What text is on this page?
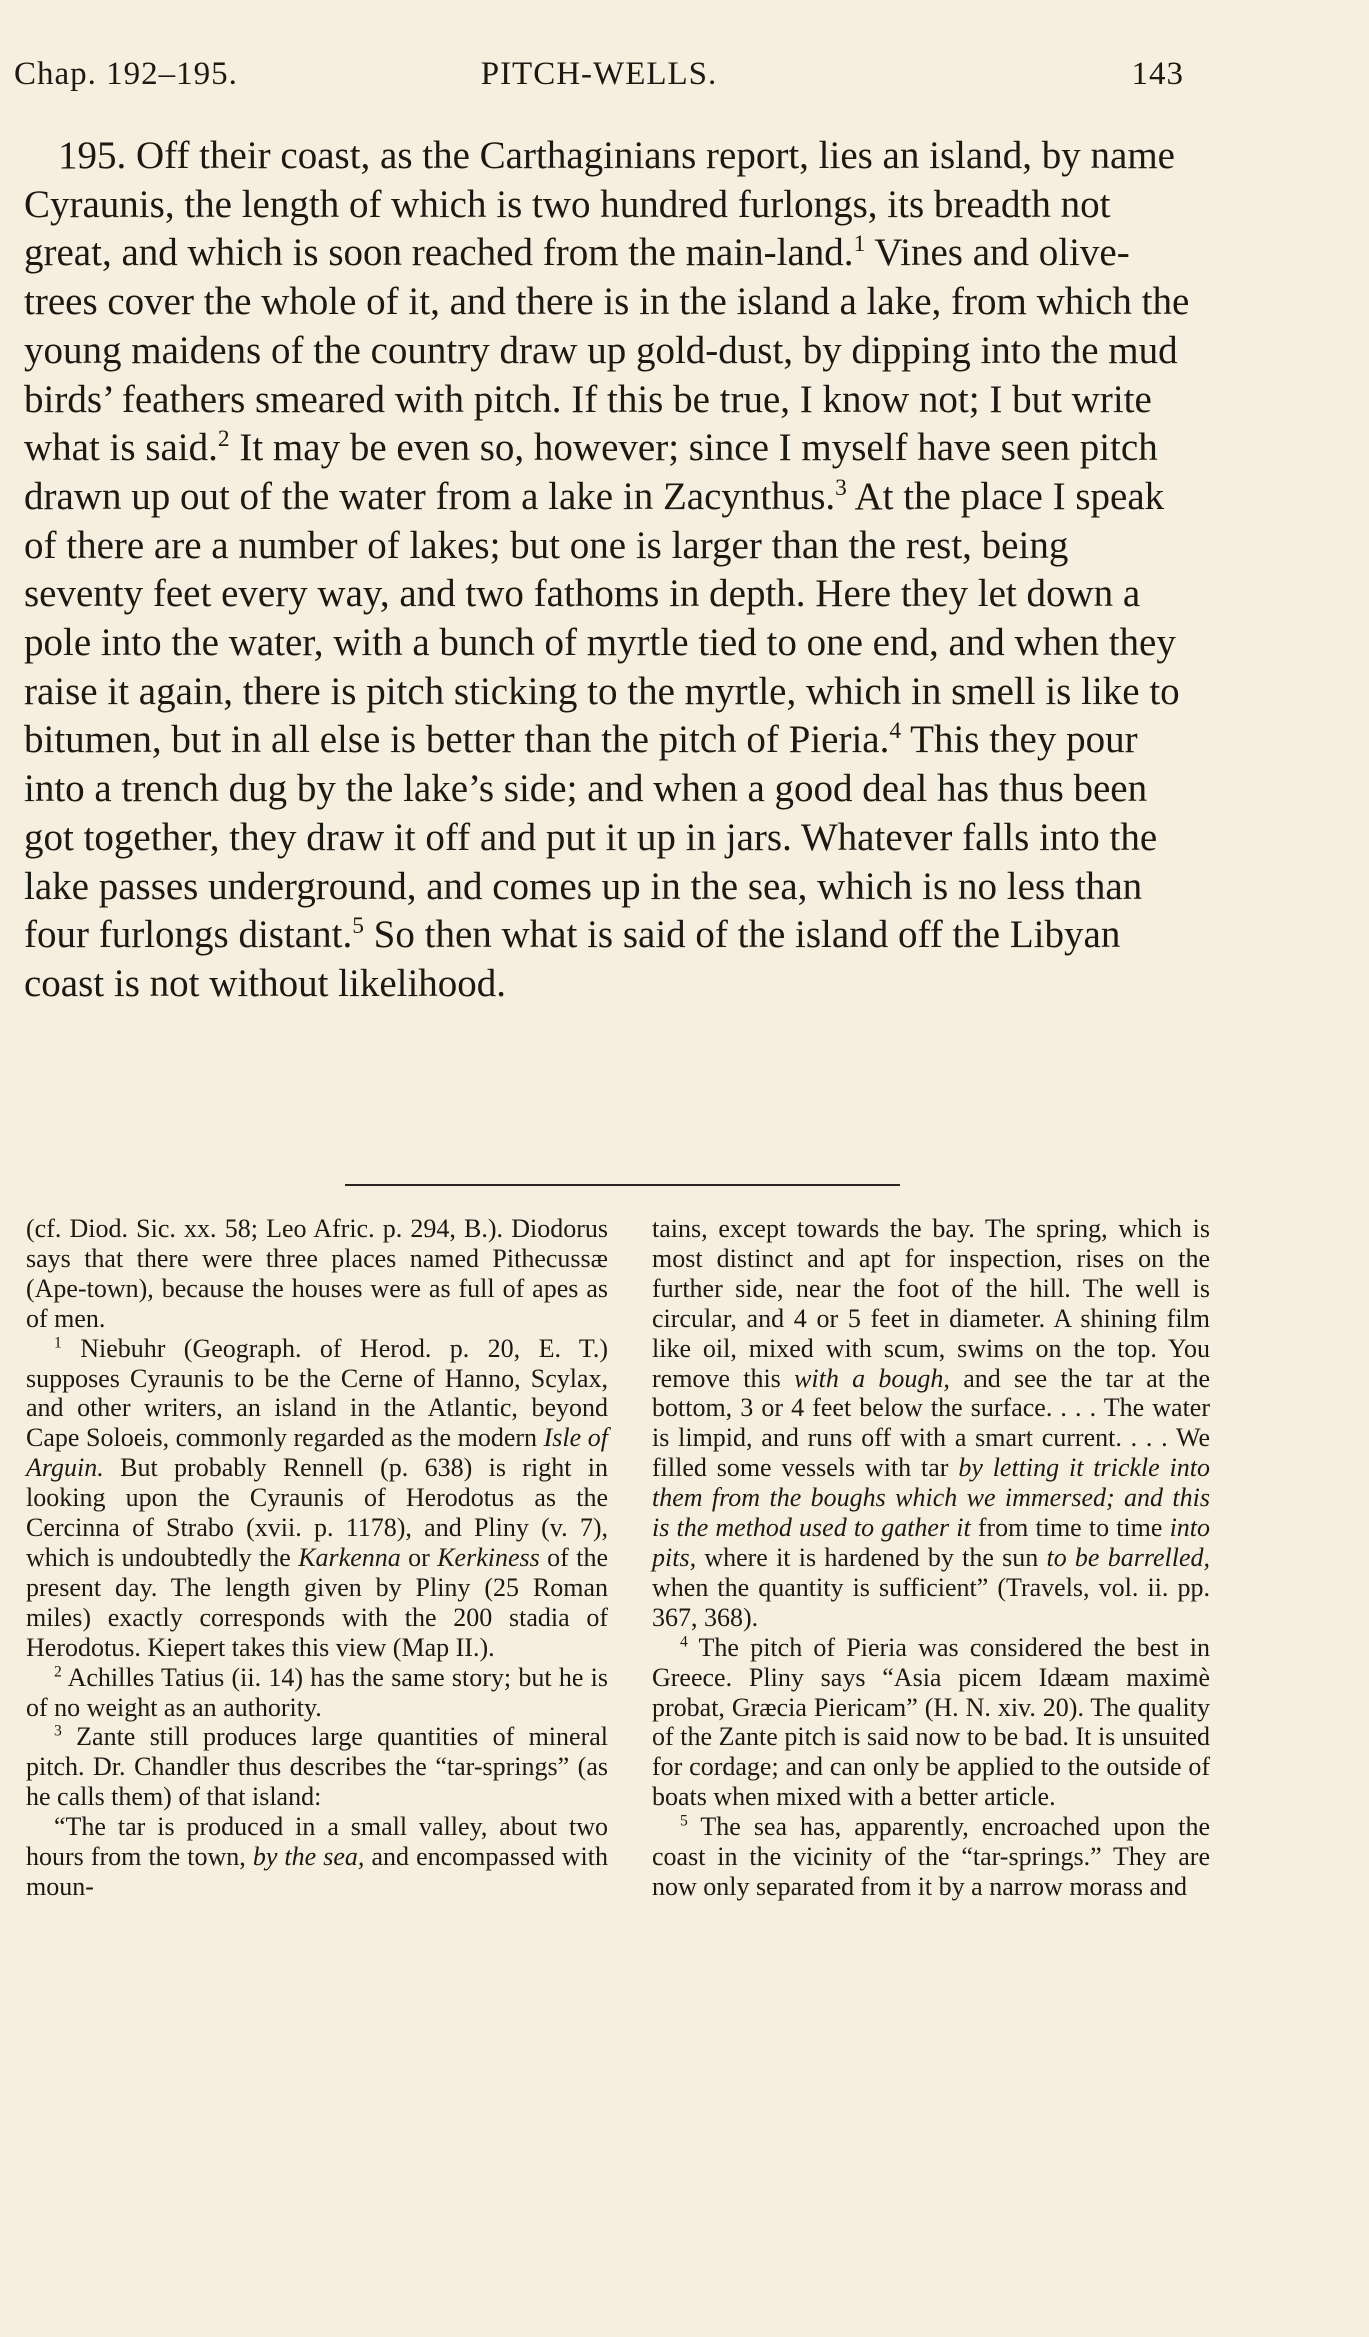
Chap. 192–195.	PITCH-WELLS.	143

195. Off their coast, as the Carthaginians report, lies an island, by name Cyraunis, the length of which is two hundred furlongs, its breadth not great, and which is soon reached from the main-land.$^1$ Vines and olive-trees cover the whole of it, and there is in the island a lake, from which the young maidens of the country draw up gold-dust, by dipping into the mud birds’ feathers smeared with pitch. If this be true, I know not; I but write what is said.$^2$ It may be even so, however; since I myself have seen pitch drawn up out of the water from a lake in Zacynthus.$^3$ At the place I speak of there are a number of lakes; but one is larger than the rest, being seventy feet every way, and two fathoms in depth. Here they let down a pole into the water, with a bunch of myrtle tied to one end, and when they raise it again, there is pitch sticking to the myrtle, which in smell is like to bitumen, but in all else is better than the pitch of Pieria.$^4$ This they pour into a trench dug by the lake’s side; and when a good deal has thus been got together, they draw it off and put it up in jars. Whatever falls into the lake passes underground, and comes up in the sea, which is no less than four furlongs distant.$^5$ So then what is said of the island off the Libyan coast is not without likelihood.

(cf. Diod. Sic. xx. 58; Leo Afric. p. 294, B.). Diodorus says that there were three places named Pithecussæ (Ape-town), because the houses were as full of apes as of men.

$^1$ Niebuhr (Geograph. of Herod. p. 20, E. T.) supposes Cyraunis to be the Cerne of Hanno, Scylax, and other writers, an island in the Atlantic, beyond Cape Soloeis, commonly regarded as the modern Isle of Arguin. But probably Rennell (p. 638) is right in looking upon the Cyraunis of Herodotus as the Cercinna of Strabo (xvii. p. 1178), and Pliny (v. 7), which is undoubtedly the Karkenna or Kerkiness of the present day. The length given by Pliny (25 Roman miles) exactly corresponds with the 200 stadia of Herodotus. Kiepert takes this view (Map II.).

$^2$ Achilles Tatius (ii. 14) has the same story; but he is of no weight as an authority.

$^3$ Zante still produces large quantities of mineral pitch. Dr. Chandler thus describes the “tar-springs” (as he calls them) of that island:

“The tar is produced in a small valley, about two hours from the town, by the sea, and encompassed with moun-

tains, except towards the bay. The spring, which is most distinct and apt for inspection, rises on the further side, near the foot of the hill. The well is circular, and 4 or 5 feet in diameter. A shining film like oil, mixed with scum, swims on the top. You remove this with a bough, and see the tar at the bottom, 3 or 4 feet below the surface. . . . The water is limpid, and runs off with a smart current. . . . We filled some vessels with tar by letting it trickle into them from the boughs which we immersed; and this is the method used to gather it from time to time into pits, where it is hardened by the sun to be barrelled, when the quantity is sufficient” (Travels, vol. ii. pp. 367, 368).

$^4$ The pitch of Pieria was considered the best in Greece. Pliny says “Asia picem Idæam maximè probat, Græcia Piericam” (H. N. xiv. 20). The quality of the Zante pitch is said now to be bad. It is unsuited for cordage; and can only be applied to the outside of boats when mixed with a better article.

$^5$ The sea has, apparently, encroached upon the coast in the vicinity of the “tar-springs.” They are now only separated from it by a narrow morass and
